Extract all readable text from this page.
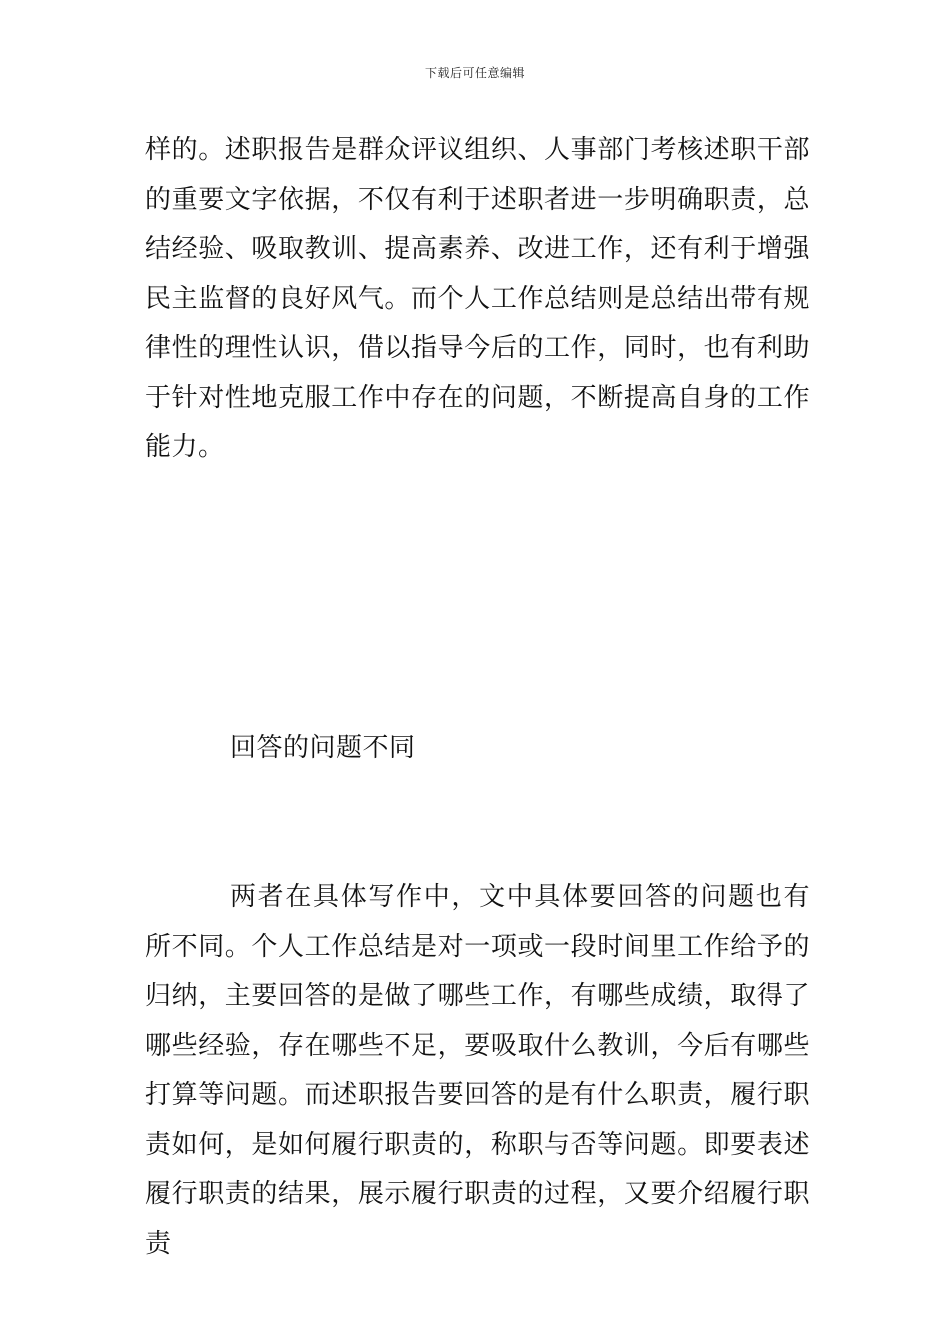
下载后可任意编辑

样的。述职报告是群众评议组织、人事部门考核述职干部的重要文字依据，不仅有利于述职者进一步明确职责，总结经验、吸取教训、提高素养、改进工作，还有利于增强民主监督的良好风气。而个人工作总结则是总结出带有规律性的理性认识，借以指导今后的工作，同时，也有利助于针对性地克服工作中存在的问题，不断提高自身的工作能力。

回答的问题不同

两者在具体写作中，文中具体要回答的问题也有所不同。个人工作总结是对一项或一段时间里工作给予的归纳，主要回答的是做了哪些工作，有哪些成绩，取得了哪些经验，存在哪些不足，要吸取什么教训，今后有哪些打算等问题。而述职报告要回答的是有什么职责，履行职责如何，是如何履行职责的，称职与否等问题。即要表述履行职责的结果，展示履行职责的过程，又要介绍履行职责
